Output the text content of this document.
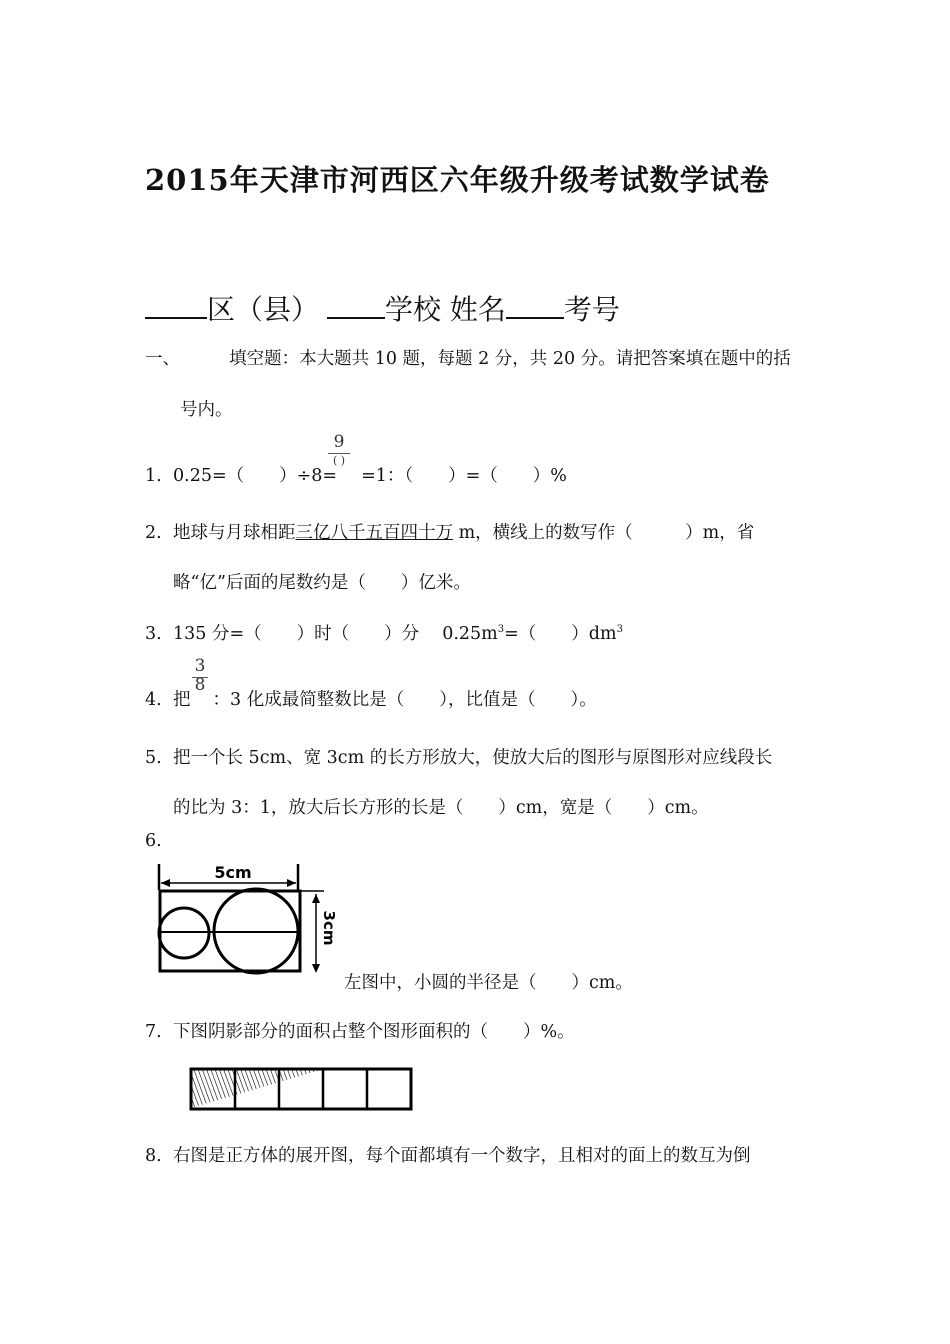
2015年天津市河西区六年级升级考试数学试卷
区（县） 学校 姓名 考号
一、	填空题：本大题共 10 题，每题 2 分，共 20 分。请把答案填在题中的括
号内。
1. 0.25=（　　）÷8= =1：（　　）=（　　）%
9
( )
2. 地球与月球相距三亿八千五百四十万 m，横线上的数写作（　　　）m，省
略“亿”后面的尾数约是（　　）亿米。
3. 135 分=（　　）时（　　）分　 $0.25m^3=$（　　）$dm^3$
4. 把 ：3 化成最简整数比是（　　），比值是（　　）。
3
8
5. 把一个长 5cm、宽 3cm 的长方形放大，使放大后的图形与原图形对应线段长
的比为 3：1，放大后长方形的长是（　　）cm，宽是（　　）cm。
6.
5cm
3cm
左图中，小圆的半径是（　　）cm。
7. 下图阴影部分的面积占整个图形面积的（　　）%。
8. 右图是正方体的展开图，每个面都填有一个数字，且相对的面上的数互为倒
